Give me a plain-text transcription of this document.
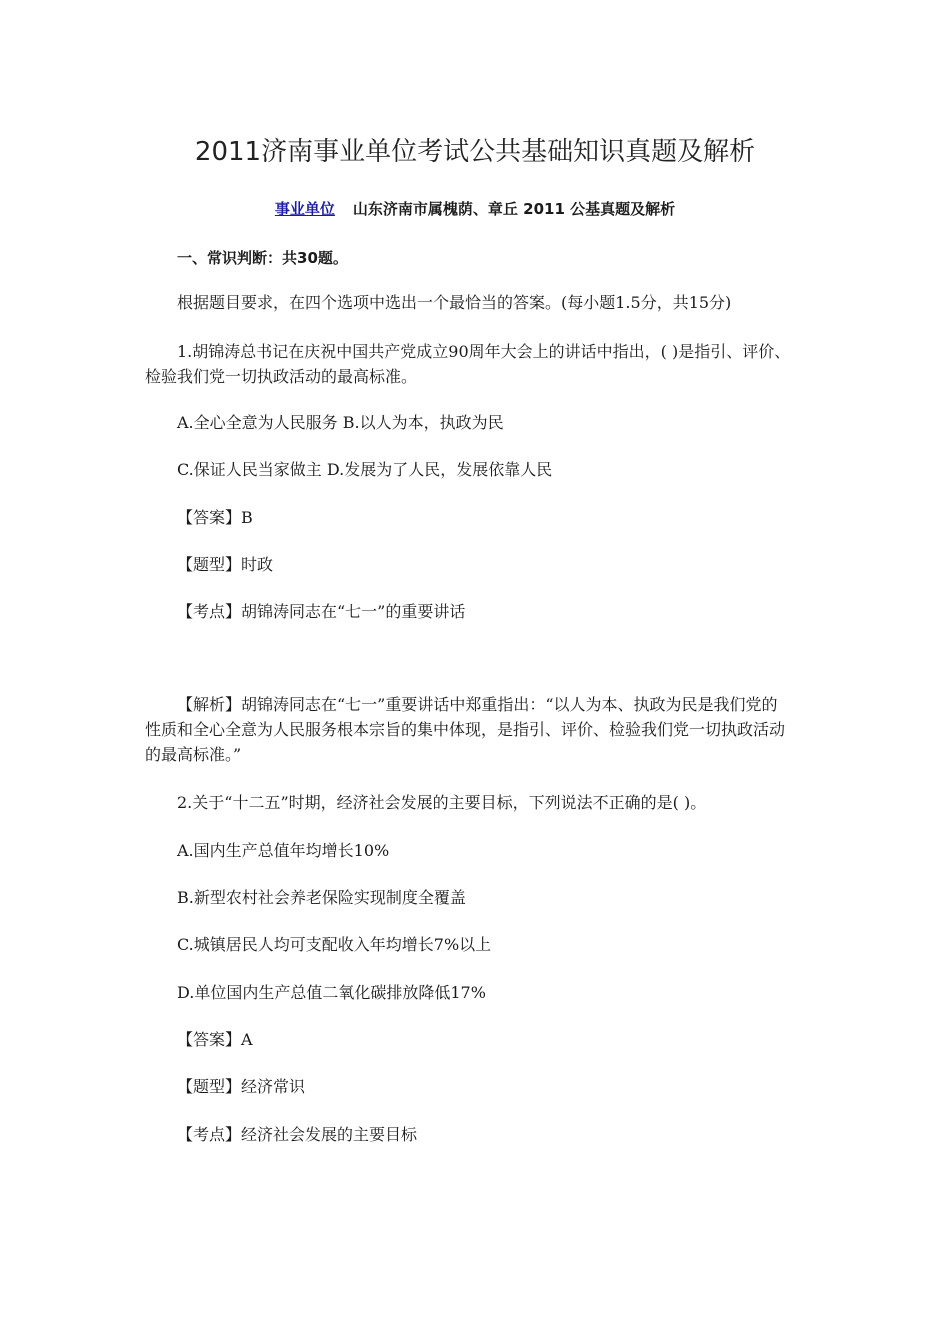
2011济南事业单位考试公共基础知识真题及解析
事业单位 山东济南市属槐荫、章丘 2011 公基真题及解析
一、常识判断：共30题。
根据题目要求，在四个选项中选出一个最恰当的答案。(每小题1.5分，共15分)
1.胡锦涛总书记在庆祝中国共产党成立90周年大会上的讲话中指出，( )是指引、评价、
检验我们党一切执政活动的最高标准。
A.全心全意为人民服务 B.以人为本，执政为民
C.保证人民当家做主 D.发展为了人民，发展依靠人民
【答案】B
【题型】时政
【考点】胡锦涛同志在“七一”的重要讲话
【解析】胡锦涛同志在“七一”重要讲话中郑重指出：“以人为本、执政为民是我们党的
性质和全心全意为人民服务根本宗旨的集中体现，是指引、评价、检验我们党一切执政活动
的最高标准。”
2.关于“十二五”时期，经济社会发展的主要目标，下列说法不正确的是( )。
A.国内生产总值年均增长10%
B.新型农村社会养老保险实现制度全覆盖
C.城镇居民人均可支配收入年均增长7%以上
D.单位国内生产总值二氧化碳排放降低17%
【答案】A
【题型】经济常识
【考点】经济社会发展的主要目标
